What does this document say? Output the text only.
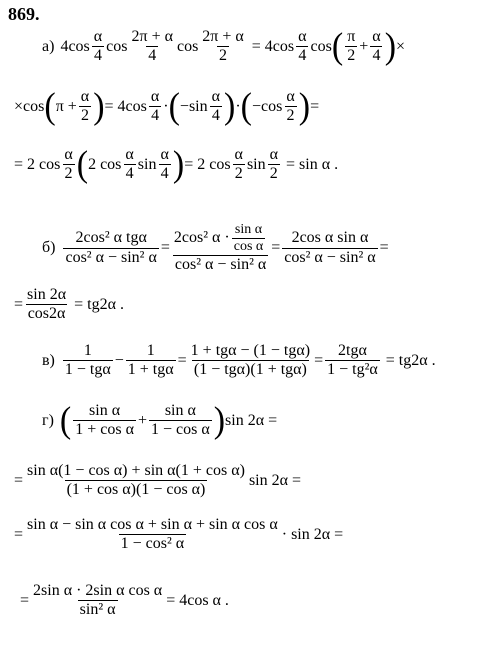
869.
а) $4\cos \frac{\alpha}{4}$ $\cos \frac{2\pi + \alpha}{4}$ $\cos \frac{2\pi + \alpha}{2} = 4\cos \frac{\alpha}{4}$ cos ( $\frac{\pi}{2} + \frac{\alpha}{4}$ ) ×
×cos ( $\pi + \frac{\alpha}{2}$ ) = $4\cos \frac{\alpha}{4}$ · ( $-\sin \frac{\alpha}{4}$ ) · ( $-\cos \frac{\alpha}{2}$ ) =
= 2 $\cos \frac{\alpha}{2}$ ( 2 $\cos \frac{\alpha}{4}$ $\sin \frac{\alpha}{4}$ ) = 2 $\cos \frac{\alpha}{2}$ $\sin \frac{\alpha}{2} = \sin \alpha$ .
$б) \frac{\text{2cos² α tgα}}{\text{cos² α − sin² α}} = \frac{2\cos^2 \alpha \cdot \frac{\text{sin α}}{\text{cos α}}}{\text{cos² α − sin² α}} = \frac{\text{2cos α sin α}}{\text{cos² α − sin² α}}$ =
= $\frac{\sin 2\alpha}{\cos 2\alpha} = tg2\alpha$ .
$в) \frac{1}{\text{1 − tgα}} - \frac{1}{\text{1 + tgα}} = \frac{\text{1 + tgα − (1 − tgα)}}{\text{(1 − tgα)(1 + tgα)}} = \frac{\text{2tgα}}{\text{1 − tg²α}} = tg2\alpha$ .
г) ( $\frac{\text{sin α}}{\text{1 + cos α}} + \frac{\text{sin α}}{\text{1 − cos α}}$ ) sin 2α =
= $\frac{\text{sin α(1 − cos α) + sin α(1 + cos α)}}{\text{(1 + cos α)(1 − cos α)}}$ sin 2α =
= $\frac{\text{sin α − sin α cos α + sin α + sin α cos α}}{\text{1 − cos² α}} \cdot \sin 2\alpha$ =
= $\frac{\text{2sin α · 2sin α cos α}}{\text{sin² α}} = 4\cos$ α .
